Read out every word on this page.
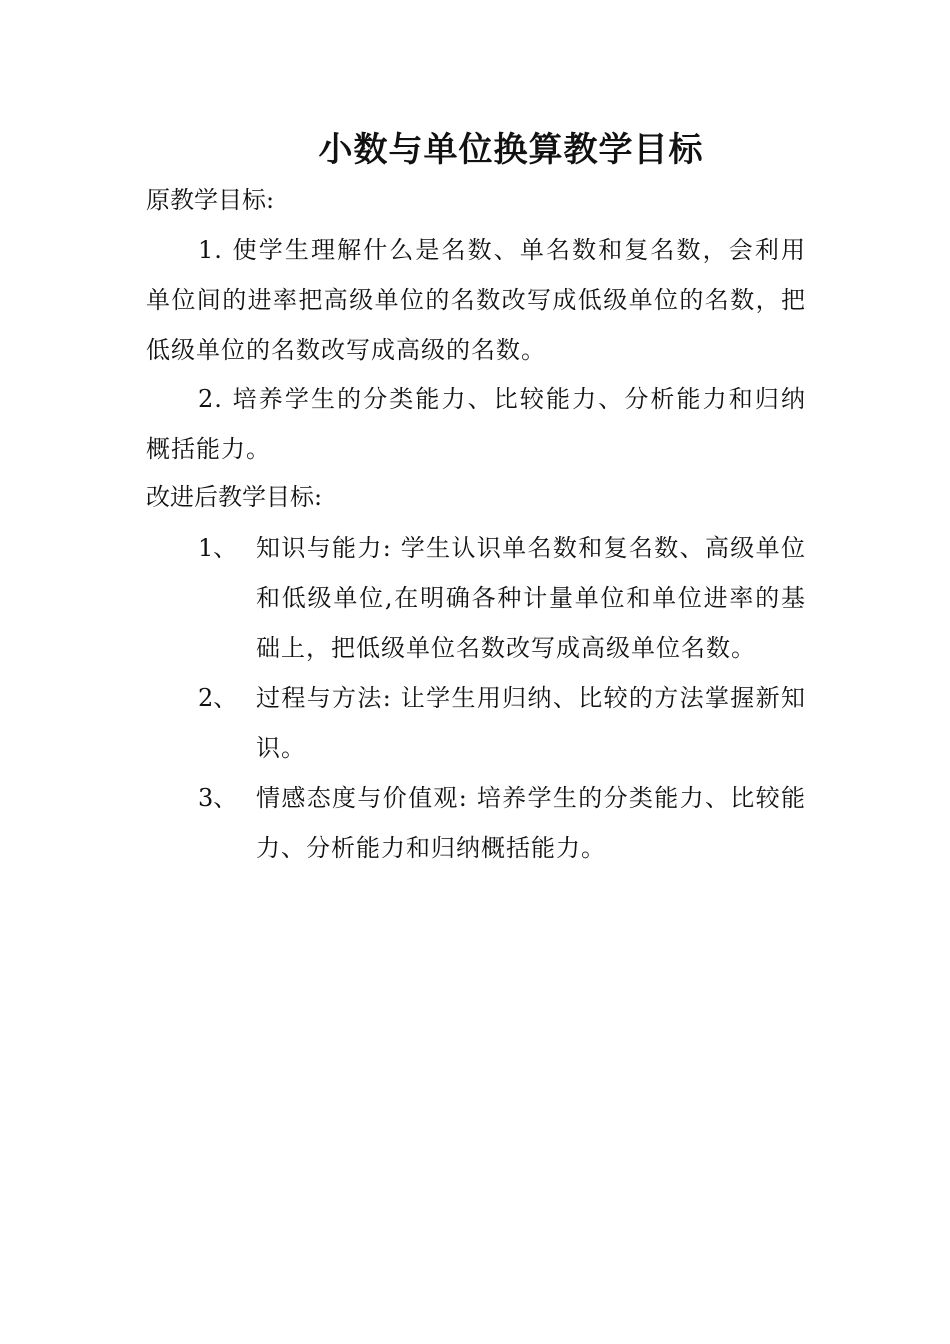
小数与单位换算教学目标
原教学目标:
1. 使学生理解什么是名数、单名数和复名数，会利用单位间的进率把高级单位的名数改写成低级单位的名数，把低级单位的名数改写成高级的名数。
2. 培养学生的分类能力、比较能力、分析能力和归纳概括能力。
改进后教学目标:
1、 知识与能力: 学生认识单名数和复名数、高级单位和低级单位,在明确各种计量单位和单位进率的基础上，把低级单位名数改写成高级单位名数。
2、 过程与方法: 让学生用归纳、比较的方法掌握新知识。
3、 情感态度与价值观: 培养学生的分类能力、比较能力、分析能力和归纳概括能力。
